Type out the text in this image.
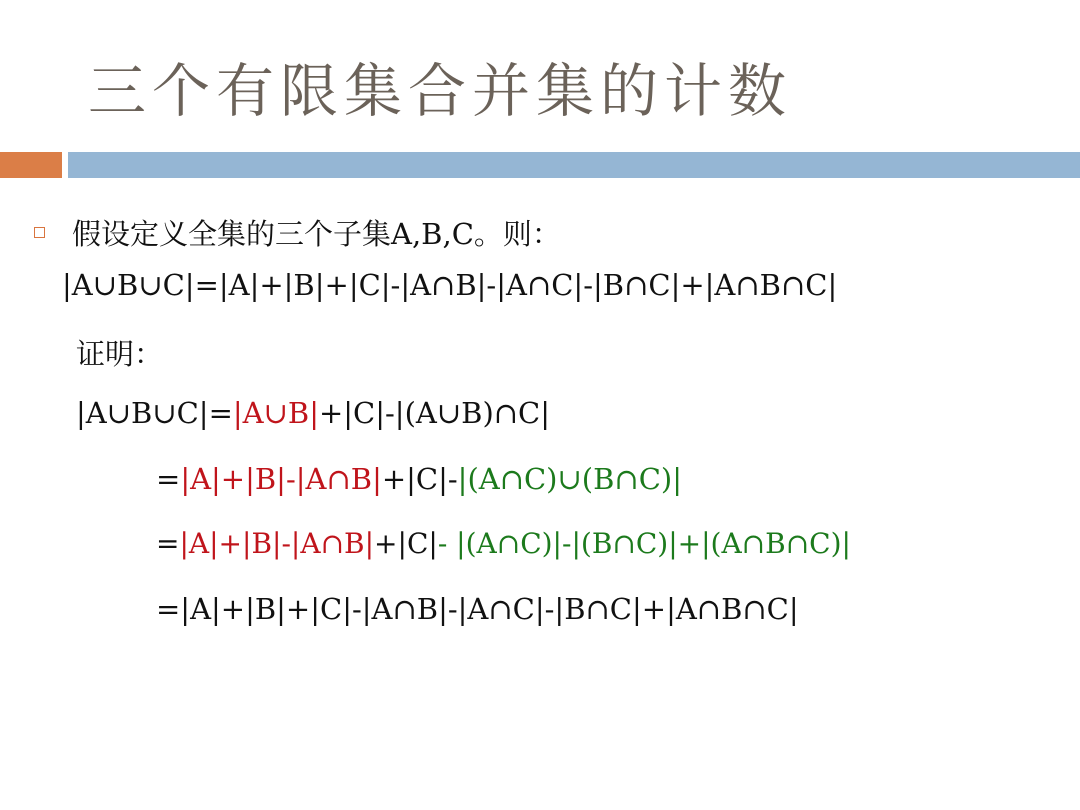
三个有限集合并集的计数
假设定义全集的三个子集A,B,C。则：
|A∪B∪C|=|A|+|B|+|C|-|A∩B|-|A∩C|-|B∩C|+|A∩B∩C|
证明：
|A∪B∪C|=|A∪B|+|C|-|(A∪B)∩C|
=|A|+|B|-|A∩B|+|C|-|(A∩C)∪(B∩C)|
=|A|+|B|-|A∩B|+|C|- |(A∩C)|-|(B∩C)|+|(A∩B∩C)|
=|A|+|B|+|C|-|A∩B|-|A∩C|-|B∩C|+|A∩B∩C|
